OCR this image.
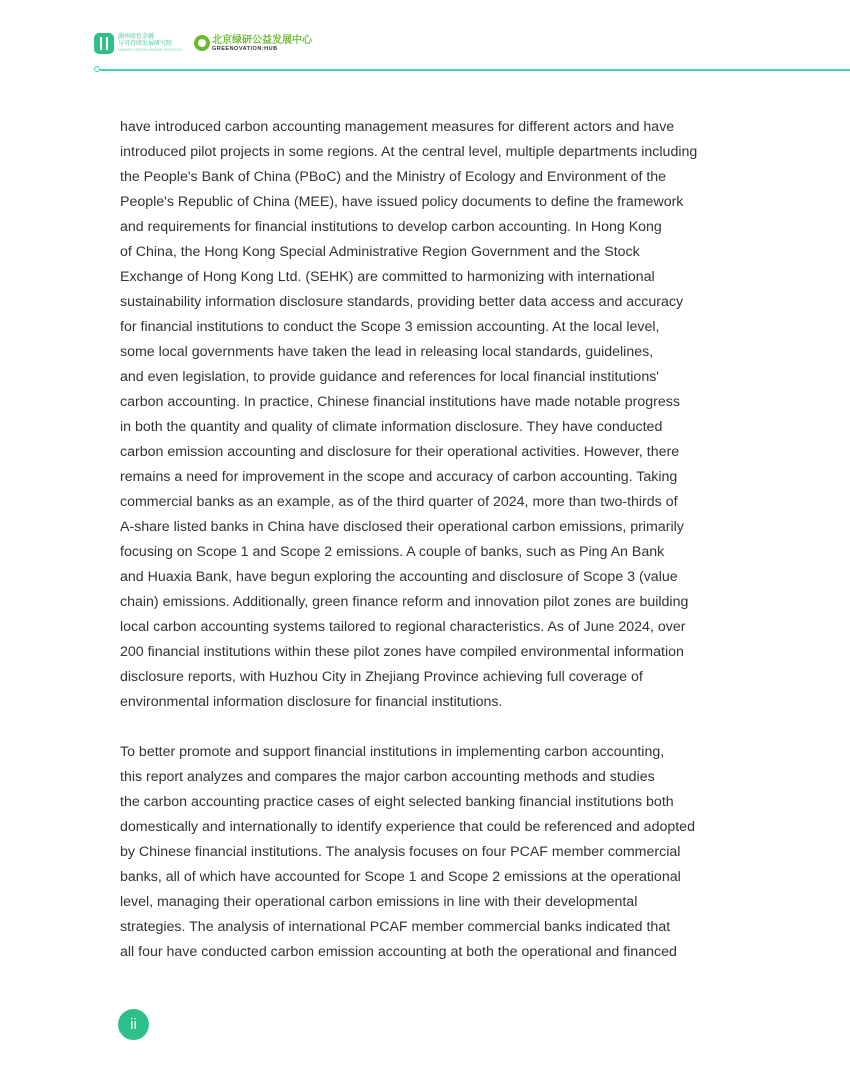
湖州绿色金融
与可持续发展研究院
HUZHOU GREEN FINANCE INSTITUTE
北京绿研公益发展中心
GREENOVATION:HUB
have introduced carbon accounting management measures for different actors and have
introduced pilot projects in some regions. At the central level, multiple departments including
the People's Bank of China (PBoC) and the Ministry of Ecology and Environment of the
People's Republic of China (MEE), have issued policy documents to define the framework
and requirements for financial institutions to develop carbon accounting. In Hong Kong
of China, the Hong Kong Special Administrative Region Government and the Stock
Exchange of Hong Kong Ltd. (SEHK) are committed to harmonizing with international
sustainability information disclosure standards, providing better data access and accuracy
for financial institutions to conduct the Scope 3 emission accounting. At the local level,
some local governments have taken the lead in releasing local standards, guidelines,
and even legislation, to provide guidance and references for local financial institutions'
carbon accounting. In practice, Chinese financial institutions have made notable progress
in both the quantity and quality of climate information disclosure. They have conducted
carbon emission accounting and disclosure for their operational activities. However, there
remains a need for improvement in the scope and accuracy of carbon accounting. Taking
commercial banks as an example, as of the third quarter of 2024, more than two-thirds of
A-share listed banks in China have disclosed their operational carbon emissions, primarily
focusing on Scope 1 and Scope 2 emissions. A couple of banks, such as Ping An Bank
and Huaxia Bank, have begun exploring the accounting and disclosure of Scope 3 (value
chain) emissions. Additionally, green finance reform and innovation pilot zones are building
local carbon accounting systems tailored to regional characteristics. As of June 2024, over
200 financial institutions within these pilot zones have compiled environmental information
disclosure reports, with Huzhou City in Zhejiang Province achieving full coverage of
environmental information disclosure for financial institutions.
To better promote and support financial institutions in implementing carbon accounting,
this report analyzes and compares the major carbon accounting methods and studies
the carbon accounting practice cases of eight selected banking financial institutions both
domestically and internationally to identify experience that could be referenced and adopted
by Chinese financial institutions. The analysis focuses on four PCAF member commercial
banks, all of which have accounted for Scope 1 and Scope 2 emissions at the operational
level, managing their operational carbon emissions in line with their developmental
strategies. The analysis of international PCAF member commercial banks indicated that
all four have conducted carbon emission accounting at both the operational and financed
ii
